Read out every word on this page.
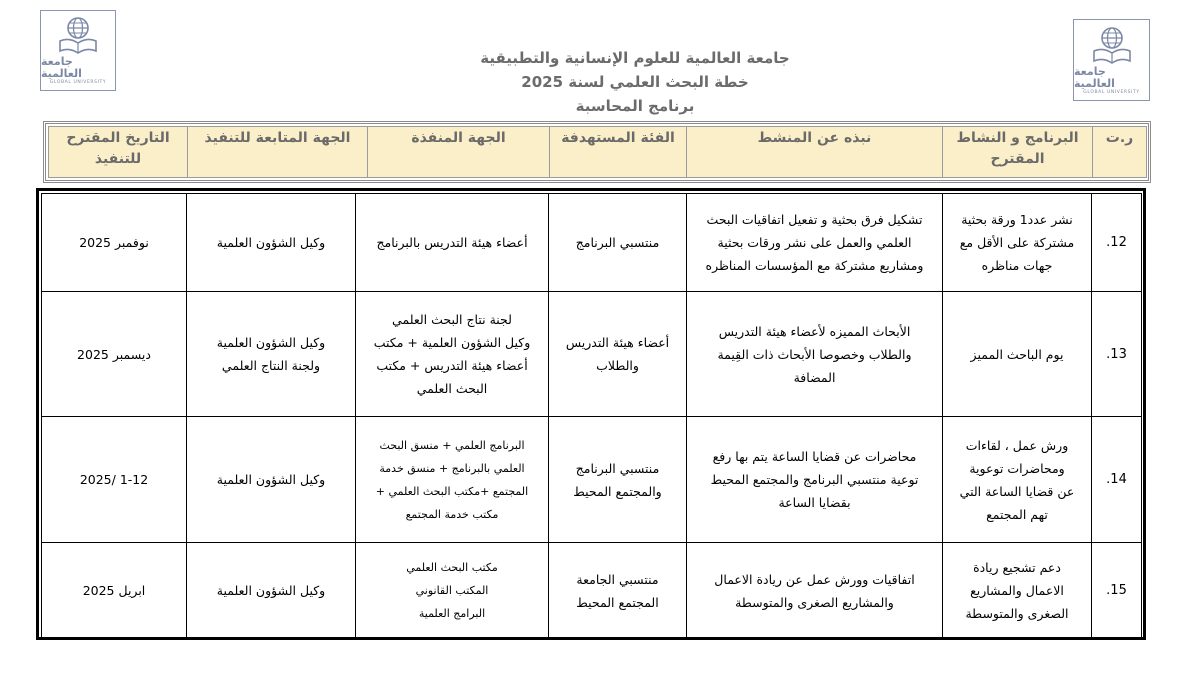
جامعة العالمية
GLOBAL UNIVERSITY
جامعة العالمية
GLOBAL UNIVERSITY
جامعة العالمية للعلوم الإنسانية والتطبيقية
خطة البحث العلمي لسنة 2025
برنامج المحاسبة
ر.ت	البرنامج و النشاط المقترح	نبذه عن المنشط	الفئة المستهدفة	الجهة المنفذة	الجهة المتابعة للتنفيذ	التاريخ المقترح للتنفيذ
12.	نشر عدد1 ورقة بحثية
مشتركة على الأقل مع
جهات مناظره	تشكيل فرق بحثية و تفعيل اتفاقيات البحث
العلمي والعمل على نشر ورقات بحثية
ومشاريع مشتركة مع المؤسسات المناظره	منتسبي البرنامج	أعضاء هيئة التدريس بالبرنامج	وكيل الشؤون العلمية	نوفمبر 2025
13.	يوم الباحث المميز	الأبحاث المميزه لأعضاء هيئة التدريس
والطلاب وخصوصا الأبحاث ذات القِيمة
المضافة	أعضاء هيئة التدريس
والطلاب	لجنة نتاج البحث العلمي
وكيل الشؤون العلمية + مكتب
أعضاء هيئة التدريس + مكتب
البحث العلمي	وكيل الشؤون العلمية
ولجنة النتاج العلمي	ديسمبر 2025
14.	ورش عمل ، لقاءات
ومحاضرات توعوية
عن قضايا الساعة التي
تهم المجتمع	محاضرات عن قضايا الساعة يتم بها رفع
توعية منتسبي البرنامج والمجتمع المحيط
بقضايا الساعة	منتسبي البرنامج
والمجتمع المحيط	البرنامج العلمي + منسق البحث
العلمي بالبرنامج + منسق خدمة
المجتمع +مكتب البحث العلمي +
مكتب خدمة المجتمع	وكيل الشؤون العلمية	1-12 /2025
15.	دعم تشجيع ريادة
الاعمال والمشاريع
الصغرى والمتوسطة	اتفاقيات وورش عمل عن ريادة الاعمال
والمشاريع الصغرى والمتوسطة	منتسبي الجامعة
المجتمع المحيط	مكتب البحث العلمي
المكتب القانوني
البرامج العلمية	وكيل الشؤون العلمية	ابريل 2025
